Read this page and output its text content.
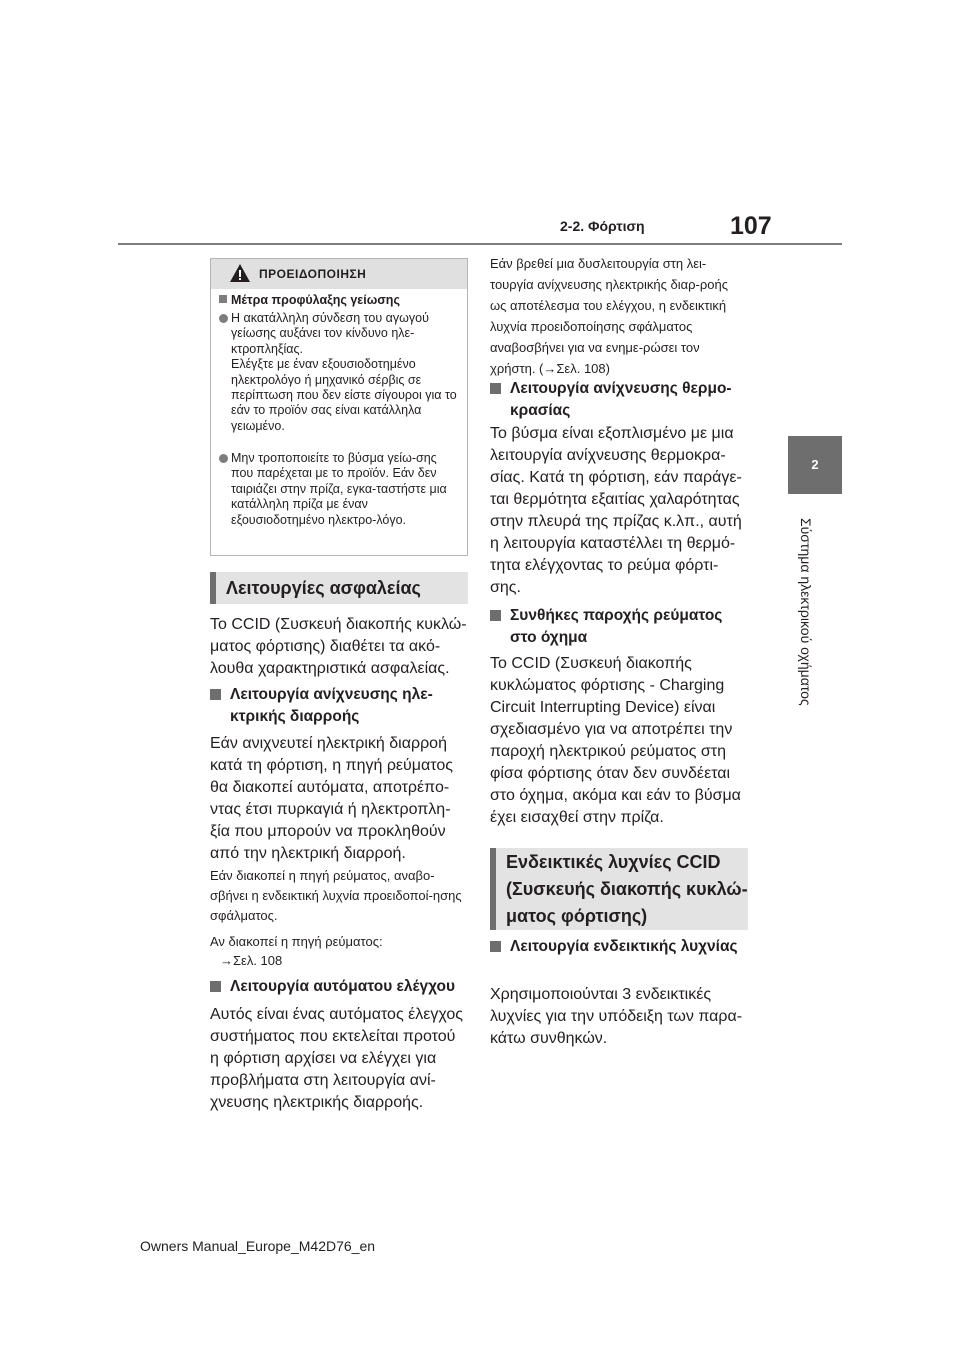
2-2. Φόρτιση	107
2
Σύστημα ηλεκτρικού οχήματος
ΠΡΟΕΙΔΟΠΟΙΗΣΗ
Μέτρα προφύλαξης γείωσης
Η ακατάλληλη σύνδεση του αγωγού γείωσης αυξάνει τον κίνδυνο ηλε-κτροπληξίας.
Ελέγξτε με έναν εξουσιοδοτημένο ηλεκτρολόγο ή μηχανικό σέρβις σε περίπτωση που δεν είστε σίγουροι για το εάν το προϊόν σας είναι κατάλληλα γειωμένο.
Μην τροποποιείτε το βύσμα γείω-σης που παρέχεται με το προϊόν. Εάν δεν ταιριάζει στην πρίζα, εγκα-ταστήστε μια κατάλληλη πρίζα με έναν εξουσιοδοτημένο ηλεκτρο-λόγο.
Λειτουργίες ασφαλείας
Το CCID (Συσκευή διακοπής κυκλώ-ματος φόρτισης) διαθέτει τα ακό-λουθα χαρακτηριστικά ασφαλείας.
Λειτουργία ανίχνευσης ηλε-κτρικής διαρροής
Εάν ανιχνευτεί ηλεκτρική διαρροή κατά τη φόρτιση, η πηγή ρεύματος θα διακοπεί αυτόματα, αποτρέπο-ντας έτσι πυρκαγιά ή ηλεκτροπλη-ξία που μπορούν να προκληθούν από την ηλεκτρική διαρροή.
Εάν διακοπεί η πηγή ρεύματος, αναβο-σβήνει η ενδεικτική λυχνία προειδοποί-ησης σφάλματος.
Αν διακοπεί η πηγή ρεύματος:
→Σελ. 108
Λειτουργία αυτόματου ελέγχου
Αυτός είναι ένας αυτόματος έλεγχος συστήματος που εκτελείται προτού η φόρτιση αρχίσει να ελέγχει για προβλήματα στη λειτουργία ανί-χνευσης ηλεκτρικής διαρροής.
Εάν βρεθεί μια δυσλειτουργία στη λει-τουργία ανίχνευσης ηλεκτρικής διαρ-ροής ως αποτέλεσμα του ελέγχου, η ενδεικτική λυχνία προειδοποίησης σφάλματος αναβοσβήνει για να ενημε-ρώσει τον χρήστη. (→Σελ. 108)
Λειτουργία ανίχνευσης θερμο-κρασίας
Το βύσμα είναι εξοπλισμένο με μια λειτουργία ανίχνευσης θερμοκρα-σίας. Κατά τη φόρτιση, εάν παράγε-ται θερμότητα εξαιτίας χαλαρότητας στην πλευρά της πρίζας κ.λπ., αυτή η λειτουργία καταστέλλει τη θερμό-τητα ελέγχοντας το ρεύμα φόρτι-σης.
Συνθήκες παροχής ρεύματος στο όχημα
Το CCID (Συσκευή διακοπής κυκλώματος φόρτισης - Charging Circuit Interrupting Device) είναι σχεδιασμένο για να αποτρέπει την παροχή ηλεκτρικού ρεύματος στη φίσα φόρτισης όταν δεν συνδέεται στο όχημα, ακόμα και εάν το βύσμα έχει εισαχθεί στην πρίζα.
Ενδεικτικές λυχνίες CCID (Συσκευής διακοπής κυκλώ-ματος φόρτισης)
Λειτουργία ενδεικτικής λυχνίας
Χρησιμοποιούνται 3 ενδεικτικές λυχνίες για την υπόδειξη των παρα-κάτω συνθηκών.
Owners Manual_Europe_M42D76_en
